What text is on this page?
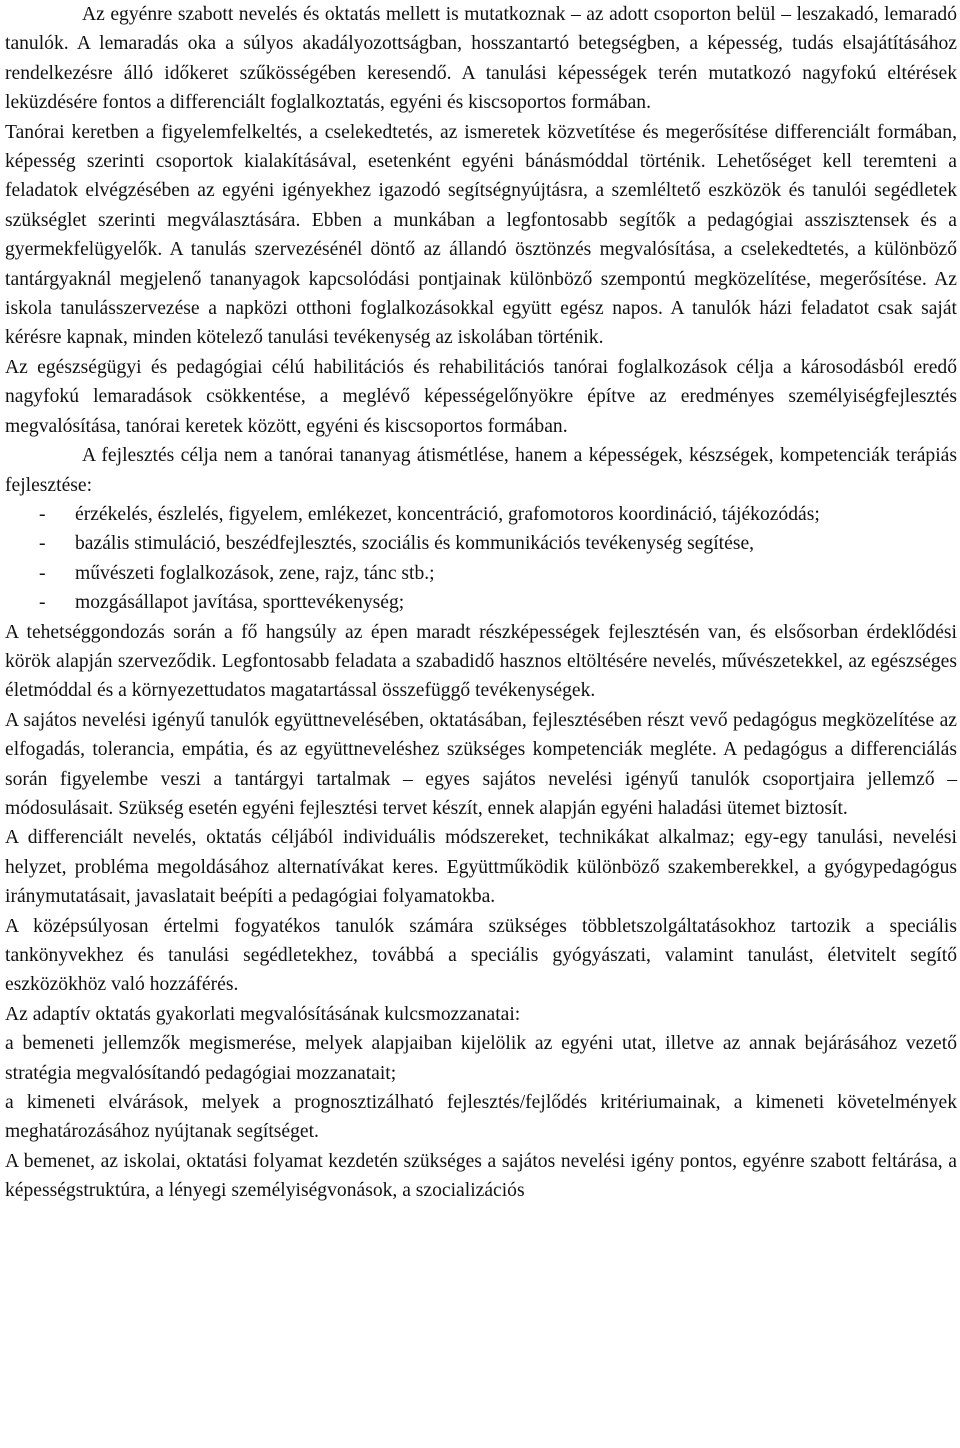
Az egyénre szabott nevelés és oktatás mellett is mutatkoznak – az adott csoporton belül – leszakadó, lemaradó tanulók. A lemaradás oka a súlyos akadályozottságban, hosszantartó betegségben, a képesség, tudás elsajátításához rendelkezésre álló időkeret szűkösségében keresendő. A tanulási képességek terén mutatkozó nagyfokú eltérések leküzdésére fontos a differenciált foglalkoztatás, egyéni és kiscsoportos formában.

Tanórai keretben a figyelemfelkeltés, a cselekedtetés, az ismeretek közvetítése és megerősítése differenciált formában, képesség szerinti csoportok kialakításával, esetenként egyéni bánásmóddal történik. Lehetőséget kell teremteni a feladatok elvégzésében az egyéni igényekhez igazodó segítségnyújtásra, a szemléltető eszközök és tanulói segédletek szükséglet szerinti megválasztására. Ebben a munkában a legfontosabb segítők a pedagógiai asszisztensek és a gyermekfelügyelők. A tanulás szervezésénél döntő az állandó ösztönzés megvalósítása, a cselekedtetés, a különböző tantárgyaknál megjelenő tananyagok kapcsolódási pontjainak különböző szempontú megközelítése, megerősítése. Az iskola tanulásszervezése a napközi otthoni foglalkozásokkal együtt egész napos. A tanulók házi feladatot csak saját kérésre kapnak, minden kötelező tanulási tevékenység az iskolában történik.

Az egészségügyi és pedagógiai célú habilitációs és rehabilitációs tanórai foglalkozások célja a károsodásból eredő nagyfokú lemaradások csökkentése, a meglévő képességelőnyökre építve az eredményes személyiségfejlesztés megvalósítása, tanórai keretek között, egyéni és kiscsoportos formában.

A fejlesztés célja nem a tanórai tananyag átismétlése, hanem a képességek, készségek, kompetenciák terápiás fejlesztése:

- érzékelés, észlelés, figyelem, emlékezet, koncentráció, grafomotoros koordináció, tájékozódás;
- bazális stimuláció, beszédfejlesztés, szociális és kommunikációs tevékenység segítése,
- művészeti foglalkozások, zene, rajz, tánc stb.;
- mozgásállapot javítása, sporttevékenység;

A tehetséggondozás során a fő hangsúly az épen maradt részképességek fejlesztésén van, és elsősorban érdeklődési körök alapján szerveződik. Legfontosabb feladata a szabadidő hasznos eltöltésére nevelés, művészetekkel, az egészséges életmóddal és a környezettudatos magatartással összefüggő tevékenységek.

A sajátos nevelési igényű tanulók együttnevelésében, oktatásában, fejlesztésében részt vevő pedagógus megközelítése az elfogadás, tolerancia, empátia, és az együttneveléshez szükséges kompetenciák megléte. A pedagógus a differenciálás során figyelembe veszi a tantárgyi tartalmak – egyes sajátos nevelési igényű tanulók csoportjaira jellemző – módosulásait. Szükség esetén egyéni fejlesztési tervet készít, ennek alapján egyéni haladási ütemet biztosít.

A differenciált nevelés, oktatás céljából individuális módszereket, technikákat alkalmaz; egy-egy tanulási, nevelési helyzet, probléma megoldásához alternatívákat keres. Együttműködik különböző szakemberekkel, a gyógypedagógus iránymutatásait, javaslatait beépíti a pedagógiai folyamatokba.

A középsúlyosan értelmi fogyatékos tanulók számára szükséges többletszolgáltatásokhoz tartozik a speciális tankönyvekhez és tanulási segédletekhez, továbbá a speciális gyógyászati, valamint tanulást, életvitelt segítő eszközökhöz való hozzáférés.

Az adaptív oktatás gyakorlati megvalósításának kulcsmozzanatai:

a bemeneti jellemzők megismerése, melyek alapjaiban kijelölik az egyéni utat, illetve az annak bejárásához vezető stratégia megvalósítandó pedagógiai mozzanatait;

a kimeneti elvárások, melyek a prognosztizálható fejlesztés/fejlődés kritériumainak, a kimeneti követelmények meghatározásához nyújtanak segítséget.

A bemenet, az iskolai, oktatási folyamat kezdetén szükséges a sajátos nevelési igény pontos, egyénre szabott feltárása, a képességstruktúra, a lényegi személyiségvonások, a szocializációs
